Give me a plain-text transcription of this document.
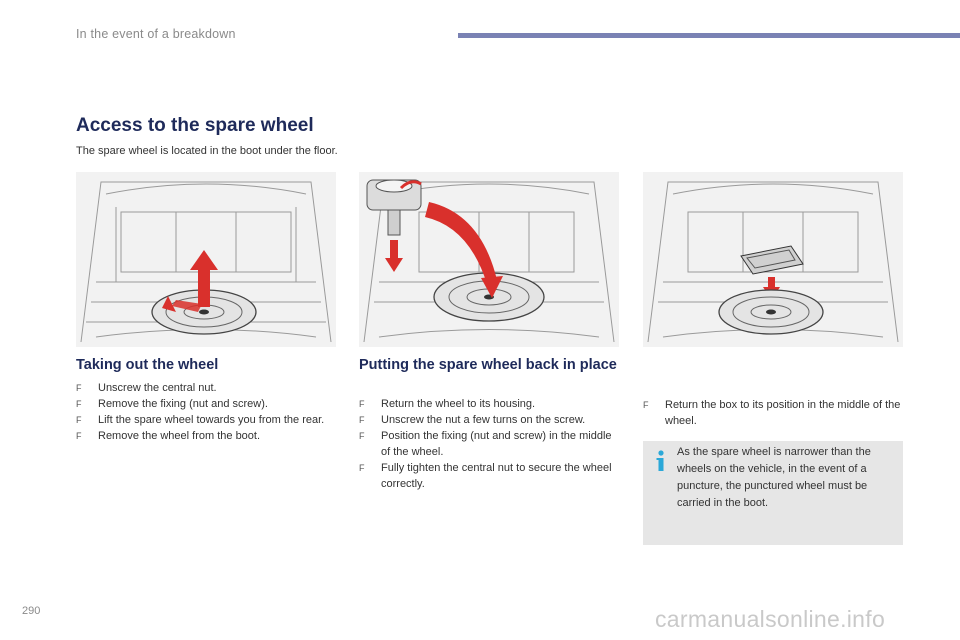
In the event of a breakdown
Access to the spare wheel
The spare wheel is located in the boot under the floor.
Taking out the wheel
F Unscrew the central nut.
F Remove the fixing (nut and screw).
F Lift the spare wheel towards you from the rear.
F Remove the wheel from the boot.
Putting the spare wheel back in place
F Return the wheel to its housing.
F Unscrew the nut a few turns on the screw.
F Position the fixing (nut and screw) in the middle of the wheel.
F Fully tighten the central nut to secure the wheel correctly.
F Return the box to its position in the middle of the wheel.
As the spare wheel is narrower than the wheels on the vehicle, in the event of a puncture, the punctured wheel must be carried in the boot.
290	carmanualsonline.info
